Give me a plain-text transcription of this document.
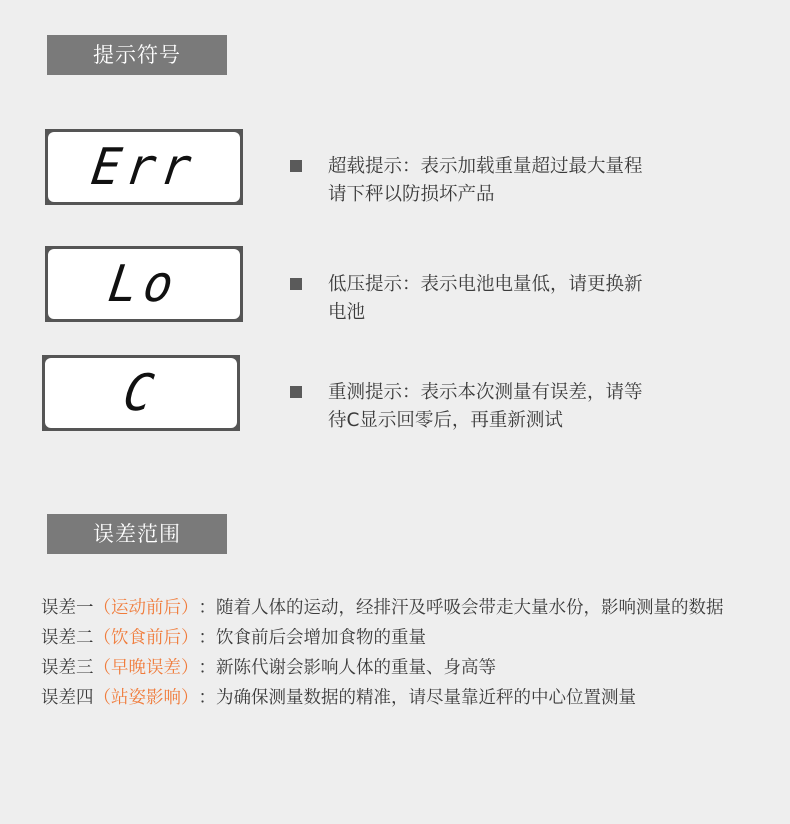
提示符号
Err	超载提示：表示加载重量超过最大量程
请下秤以防损坏产品
Lo	低压提示：表示电池电量低，请更换新
电池
C	重测提示：表示本次测量有误差，请等
待C显示回零后，再重新测试
误差范围
误差一 （运动前后） ： 随着人体的运动，经排汗及呼吸会带走大量水份，影响测量的数据
误差二 （饮食前后） ： 饮食前后会增加食物的重量
误差三 （早晚误差） ： 新陈代谢会影响人体的重量、身高等
误差四 （站姿影响） ： 为确保测量数据的精准，请尽量靠近秤的中心位置测量
